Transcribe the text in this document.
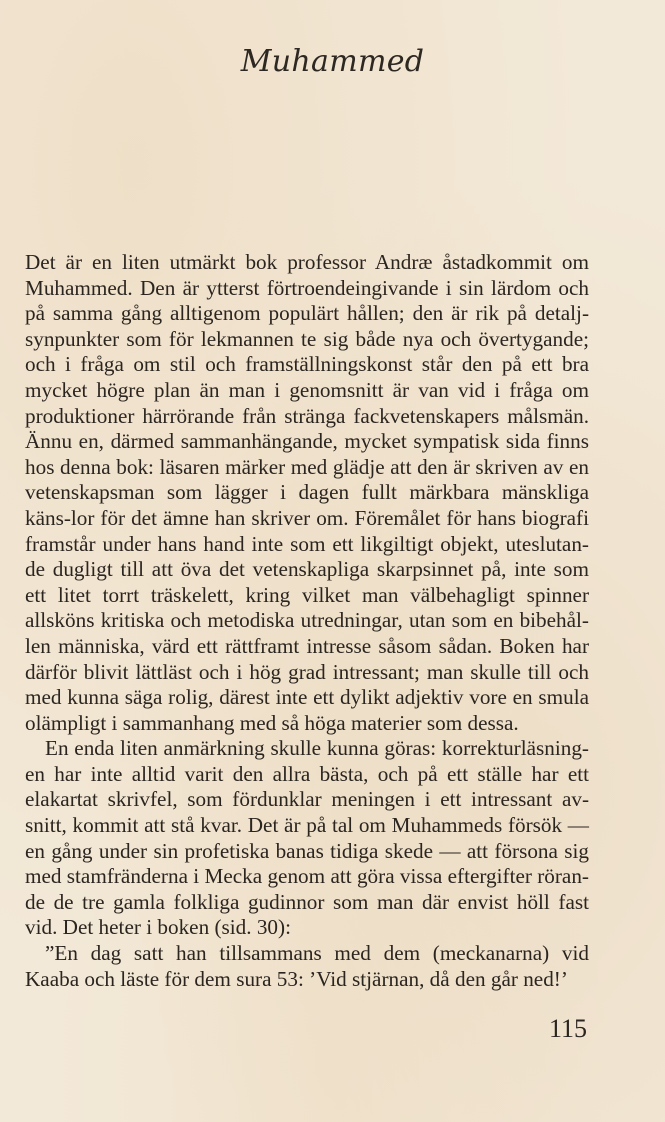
Muhammed

Det är en liten utmärkt bok professor Andræ åstadkommit om Muhammed. Den är ytterst förtroendeingivande i sin lärdom och på samma gång alltigenom populärt hållen; den är rik på detalj-synpunkter som för lekmannen te sig både nya och övertygande; och i fråga om stil och framställningskonst står den på ett bra mycket högre plan än man i genomsnitt är van vid i fråga om produktioner härrörande från stränga fackvetenskapers målsmän. Ännu en, därmed sammanhängande, mycket sympatisk sida finns hos denna bok: läsaren märker med glädje att den är skriven av en vetenskapsman som lägger i dagen fullt märkbara mänskliga käns-lor för det ämne han skriver om. Föremålet för hans biografi framstår under hans hand inte som ett likgiltigt objekt, uteslutan-de dugligt till att öva det vetenskapliga skarpsinnet på, inte som ett litet torrt träskelett, kring vilket man välbehagligt spinner allsköns kritiska och metodiska utredningar, utan som en bibehål-len människa, värd ett rättframt intresse såsom sådan. Boken har därför blivit lättläst och i hög grad intressant; man skulle till och med kunna säga rolig, därest inte ett dylikt adjektiv vore en smula olämpligt i sammanhang med så höga materier som dessa.

En enda liten anmärkning skulle kunna göras: korrekturläsning-en har inte alltid varit den allra bästa, och på ett ställe har ett elakartat skrivfel, som fördunklar meningen i ett intressant av-snitt, kommit att stå kvar. Det är på tal om Muhammeds försök — en gång under sin profetiska banas tidiga skede — att försona sig med stamfränderna i Mecka genom att göra vissa eftergifter röran-de de tre gamla folkliga gudinnor som man där envist höll fast vid. Det heter i boken (sid. 30):

”En dag satt han tillsammans med dem (meckanarna) vid Kaaba och läste för dem sura 53: ’Vid stjärnan, då den går ned!’

115
